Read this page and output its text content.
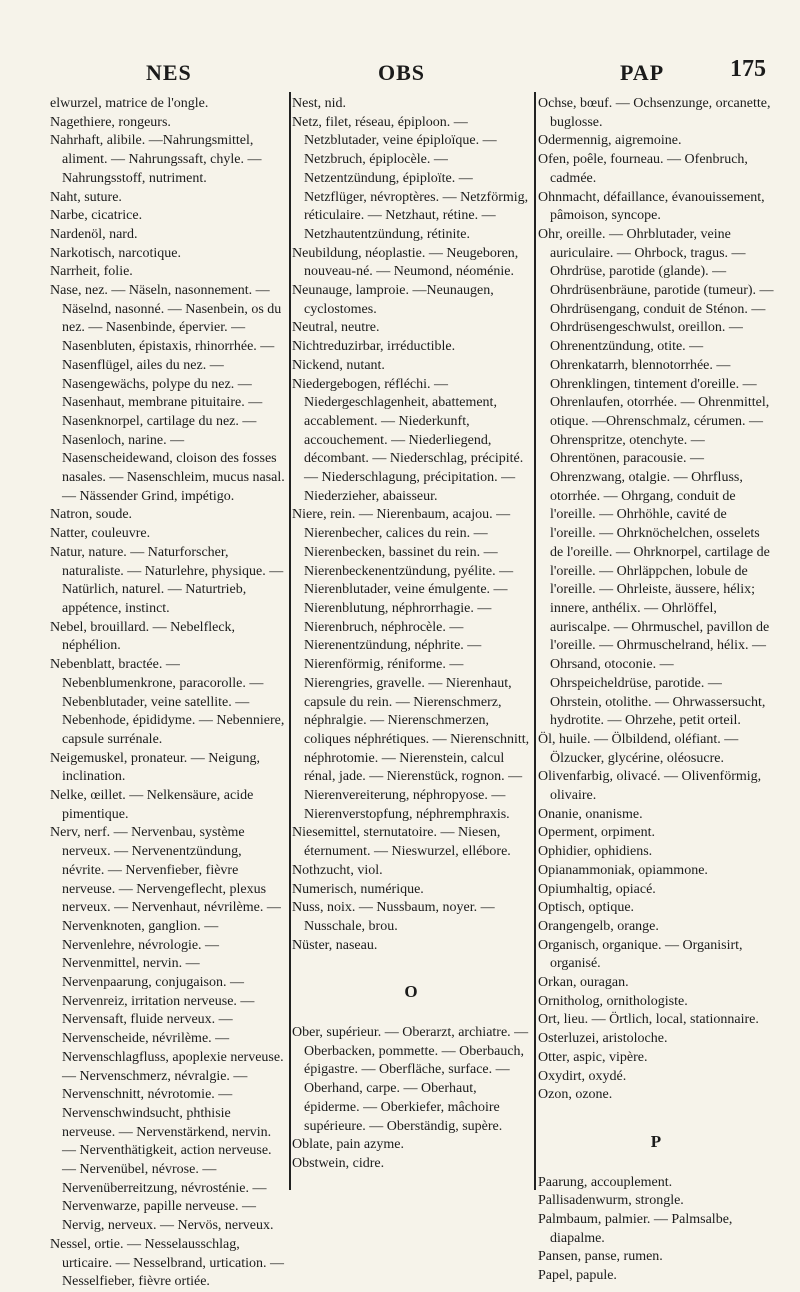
NES	OBS	PAP	175

elwurzel, matrice de l'ongle.

Nagethiere, rongeurs.

Nahrhaft, alibile. —Nahrungsmittel, aliment. — Nahrungssaft, chyle. — Nahrungsstoff, nutriment.

Naht, suture.

Narbe, cicatrice.

Nardenöl, nard.

Narkotisch, narcotique.

Narrheit, folie.

Nase, nez. — Näseln, nasonnement. — Näselnd, nasonné. — Nasenbein, os du nez. — Nasenbinde, épervier. — Nasenbluten, épistaxis, rhinorrhée. — Nasenflügel, ailes du nez. — Nasengewächs, polype du nez. — Nasenhaut, membrane pituitaire. — Nasenknorpel, cartilage du nez. — Nasenloch, narine. — Nasenscheidewand, cloison des fosses nasales. — Nasenschleim, mucus nasal. — Nässender Grind, impétigo.

Natron, soude.

Natter, couleuvre.

Natur, nature. — Naturforscher, naturaliste. — Naturlehre, physique. — Natürlich, naturel. — Naturtrieb, appétence, instinct.

Nebel, brouillard. — Nebelfleck, néphélion.

Nebenblatt, bractée. — Nebenblumenkrone, paracorolle. —Nebenblutader, veine satellite. —Nebenhode, épididyme. — Nebenniere, capsule surrénale.

Neigemuskel, pronateur. — Neigung, inclination.

Nelke, œillet. — Nelkensäure, acide pimentique.

Nerv, nerf. — Nervenbau, système nerveux. — Nervenentzündung, névrite. — Nervenfieber, fièvre nerveuse. — Nervengeflecht, plexus nerveux. — Nervenhaut, névrilème. — Nervenknoten, ganglion. — Nervenlehre, névrologie. — Nervenmittel, nervin. — Nervenpaarung, conjugaison. — Nervenreiz, irritation nerveuse. — Nervensaft, fluide nerveux. — Nervenscheide, névrilème. — Nervenschlagfluss, apoplexie nerveuse. — Nervenschmerz, névralgie. — Nervenschnitt, névrotomie. — Nervenschwindsucht, phthisie nerveuse. — Nervenstärkend, nervin. — Nerventhätigkeit, action nerveuse. — Nervenübel, névrose. — Nervenüberreitzung, névrosténie. — Nervenwarze, papille nerveuse. — Nervig, nerveux. — Nervös, nerveux.

Nessel, ortie. — Nesselausschlag, urticaire. — Nesselbrand, urtication. —Nesselfieber, fièvre ortiée.

Nest, nid.

Netz, filet, réseau, épiploon. — Netzblutader, veine épiploïque. — Netzbruch, épiplocèle. — Netzentzündung, épiploïte. — Netzflüger, névroptères. — Netzförmig, réticulaire. — Netzhaut, rétine. — Netzhautentzündung, rétinite.

Neubildung, néoplastie. — Neugeboren, nouveau-né. — Neumond, néoménie.

Neunauge, lamproie. —Neunaugen, cyclostomes.

Neutral, neutre.

Nichtreduzirbar, irréductible.

Nickend, nutant.

Niedergebogen, réfléchi. — Niedergeschlagenheit, abattement, accablement. — Niederkunft, accouchement. — Niederliegend, décombant. — Niederschlag, précipité. — Niederschlagung, précipitation. — Niederzieher, abaisseur.

Niere, rein. — Nierenbaum, acajou. — Nierenbecher, calices du rein. — Nierenbecken, bassinet du rein. —Nierenbeckenentzündung, pyélite. — Nierenblutader, veine émulgente. — Nierenblutung, néphrorrhagie. — Nierenbruch, néphrocèle. — Nierenentzündung, néphrite. — Nierenförmig, réniforme. — Nierengries, gravelle. — Nierenhaut, capsule du rein. — Nierenschmerz, néphralgie. — Nierenschmerzen, coliques néphrétiques. — Nierenschnitt, néphrotomie. — Nierenstein, calcul rénal, jade. — Nierenstück, rognon. — Nierenvereiterung, néphropyose. — Nierenverstopfung, néphremphraxis.

Niesemittel, sternutatoire. — Niesen, éternument. — Nieswurzel, ellébore.

Nothzucht, viol.

Numerisch, numérique.

Nuss, noix. — Nussbaum, noyer. — Nusschale, brou.

Nüster, naseau.

O

Ober, supérieur. — Oberarzt, archiatre. — Oberbacken, pommette. — Oberbauch, épigastre. — Oberfläche, surface. — Oberhand, carpe. — Oberhaut, épiderme. — Oberkiefer, mâchoire supérieure. — Oberständig, supère.

Oblate, pain azyme.

Obstwein, cidre.

Ochse, bœuf. — Ochsenzunge, orcanette, buglosse.

Odermennig, aigremoine.

Ofen, poêle, fourneau. — Ofenbruch, cadmée.

Ohnmacht, défaillance, évanouissement, pâmoison, syncope.

Ohr, oreille. — Ohrblutader, veine auriculaire. — Ohrbock, tragus. — Ohrdrüse, parotide (glande). — Ohrdrüsenbräune, parotide (tumeur). — Ohrdrüsengang, conduit de Sténon. — Ohrdrüsengeschwulst, oreillon. —Ohrenentzündung, otite. — Ohrenkatarrh, blennotorrhée. —Ohrenklingen, tintement d'oreille. — Ohrenlaufen, otorrhée. — Ohrenmittel, otique. —Ohrenschmalz, cérumen. — Ohrenspritze, otenchyte. — Ohrentönen, paracousie. — Ohrenzwang, otalgie. — Ohrfluss, otorrhée. — Ohrgang, conduit de l'oreille. — Ohrhöhle, cavité de l'oreille. — Ohrknöchelchen, osselets de l'oreille. — Ohrknorpel, cartilage de l'oreille. — Ohrläppchen, lobule de l'oreille. — Ohrleiste, äussere, hélix; innere, anthélix. — Ohrlöffel, auriscalpe. — Ohrmuschel, pavillon de l'oreille. — Ohrmuschelrand, hélix. — Ohrsand, otoconie. — Ohrspeicheldrüse, parotide. — Ohrstein, otolithe. — Ohrwassersucht, hydrotite. — Ohrzehe, petit orteil.

Öl, huile. — Ölbildend, oléfiant. — Ölzucker, glycérine, oléosucre.

Olivenfarbig, olivacé. — Olivenförmig, olivaire.

Onanie, onanisme.

Operment, orpiment.

Ophidier, ophidiens.

Opianammoniak, opiammone.

Opiumhaltig, opiacé.

Optisch, optique.

Orangengelb, orange.

Organisch, organique. — Organisirt, organisé.

Orkan, ouragan.

Ornitholog, ornithologiste.

Ort, lieu. — Örtlich, local, stationnaire.

Osterluzei, aristoloche.

Otter, aspic, vipère.

Oxydirt, oxydé.

Ozon, ozone.

P

Paarung, accouplement.

Pallisadenwurm, strongle.

Palmbaum, palmier. — Palmsalbe, diapalme.

Pansen, panse, rumen.

Papel, papule.
